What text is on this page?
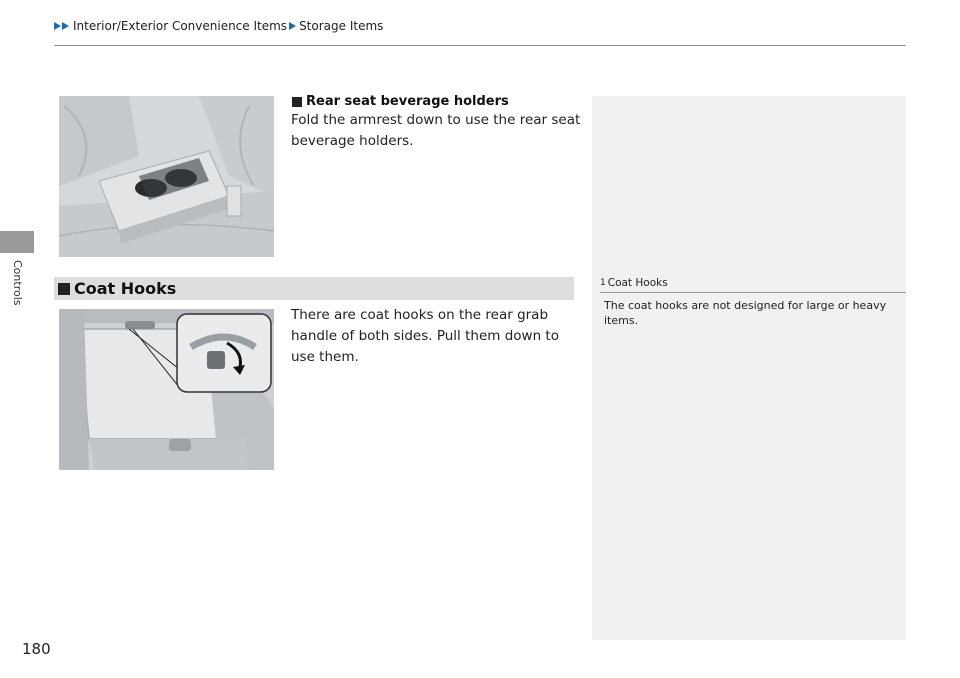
Interior/Exterior Convenience Items Storage Items
Controls
180
1 Coat Hooks
The coat hooks are not designed for large or heavy items.
Rear seat beverage holders
Fold the armrest down to use the rear seat beverage holders.
Coat Hooks
There are coat hooks on the rear grab handle of both sides. Pull them down to use them.
